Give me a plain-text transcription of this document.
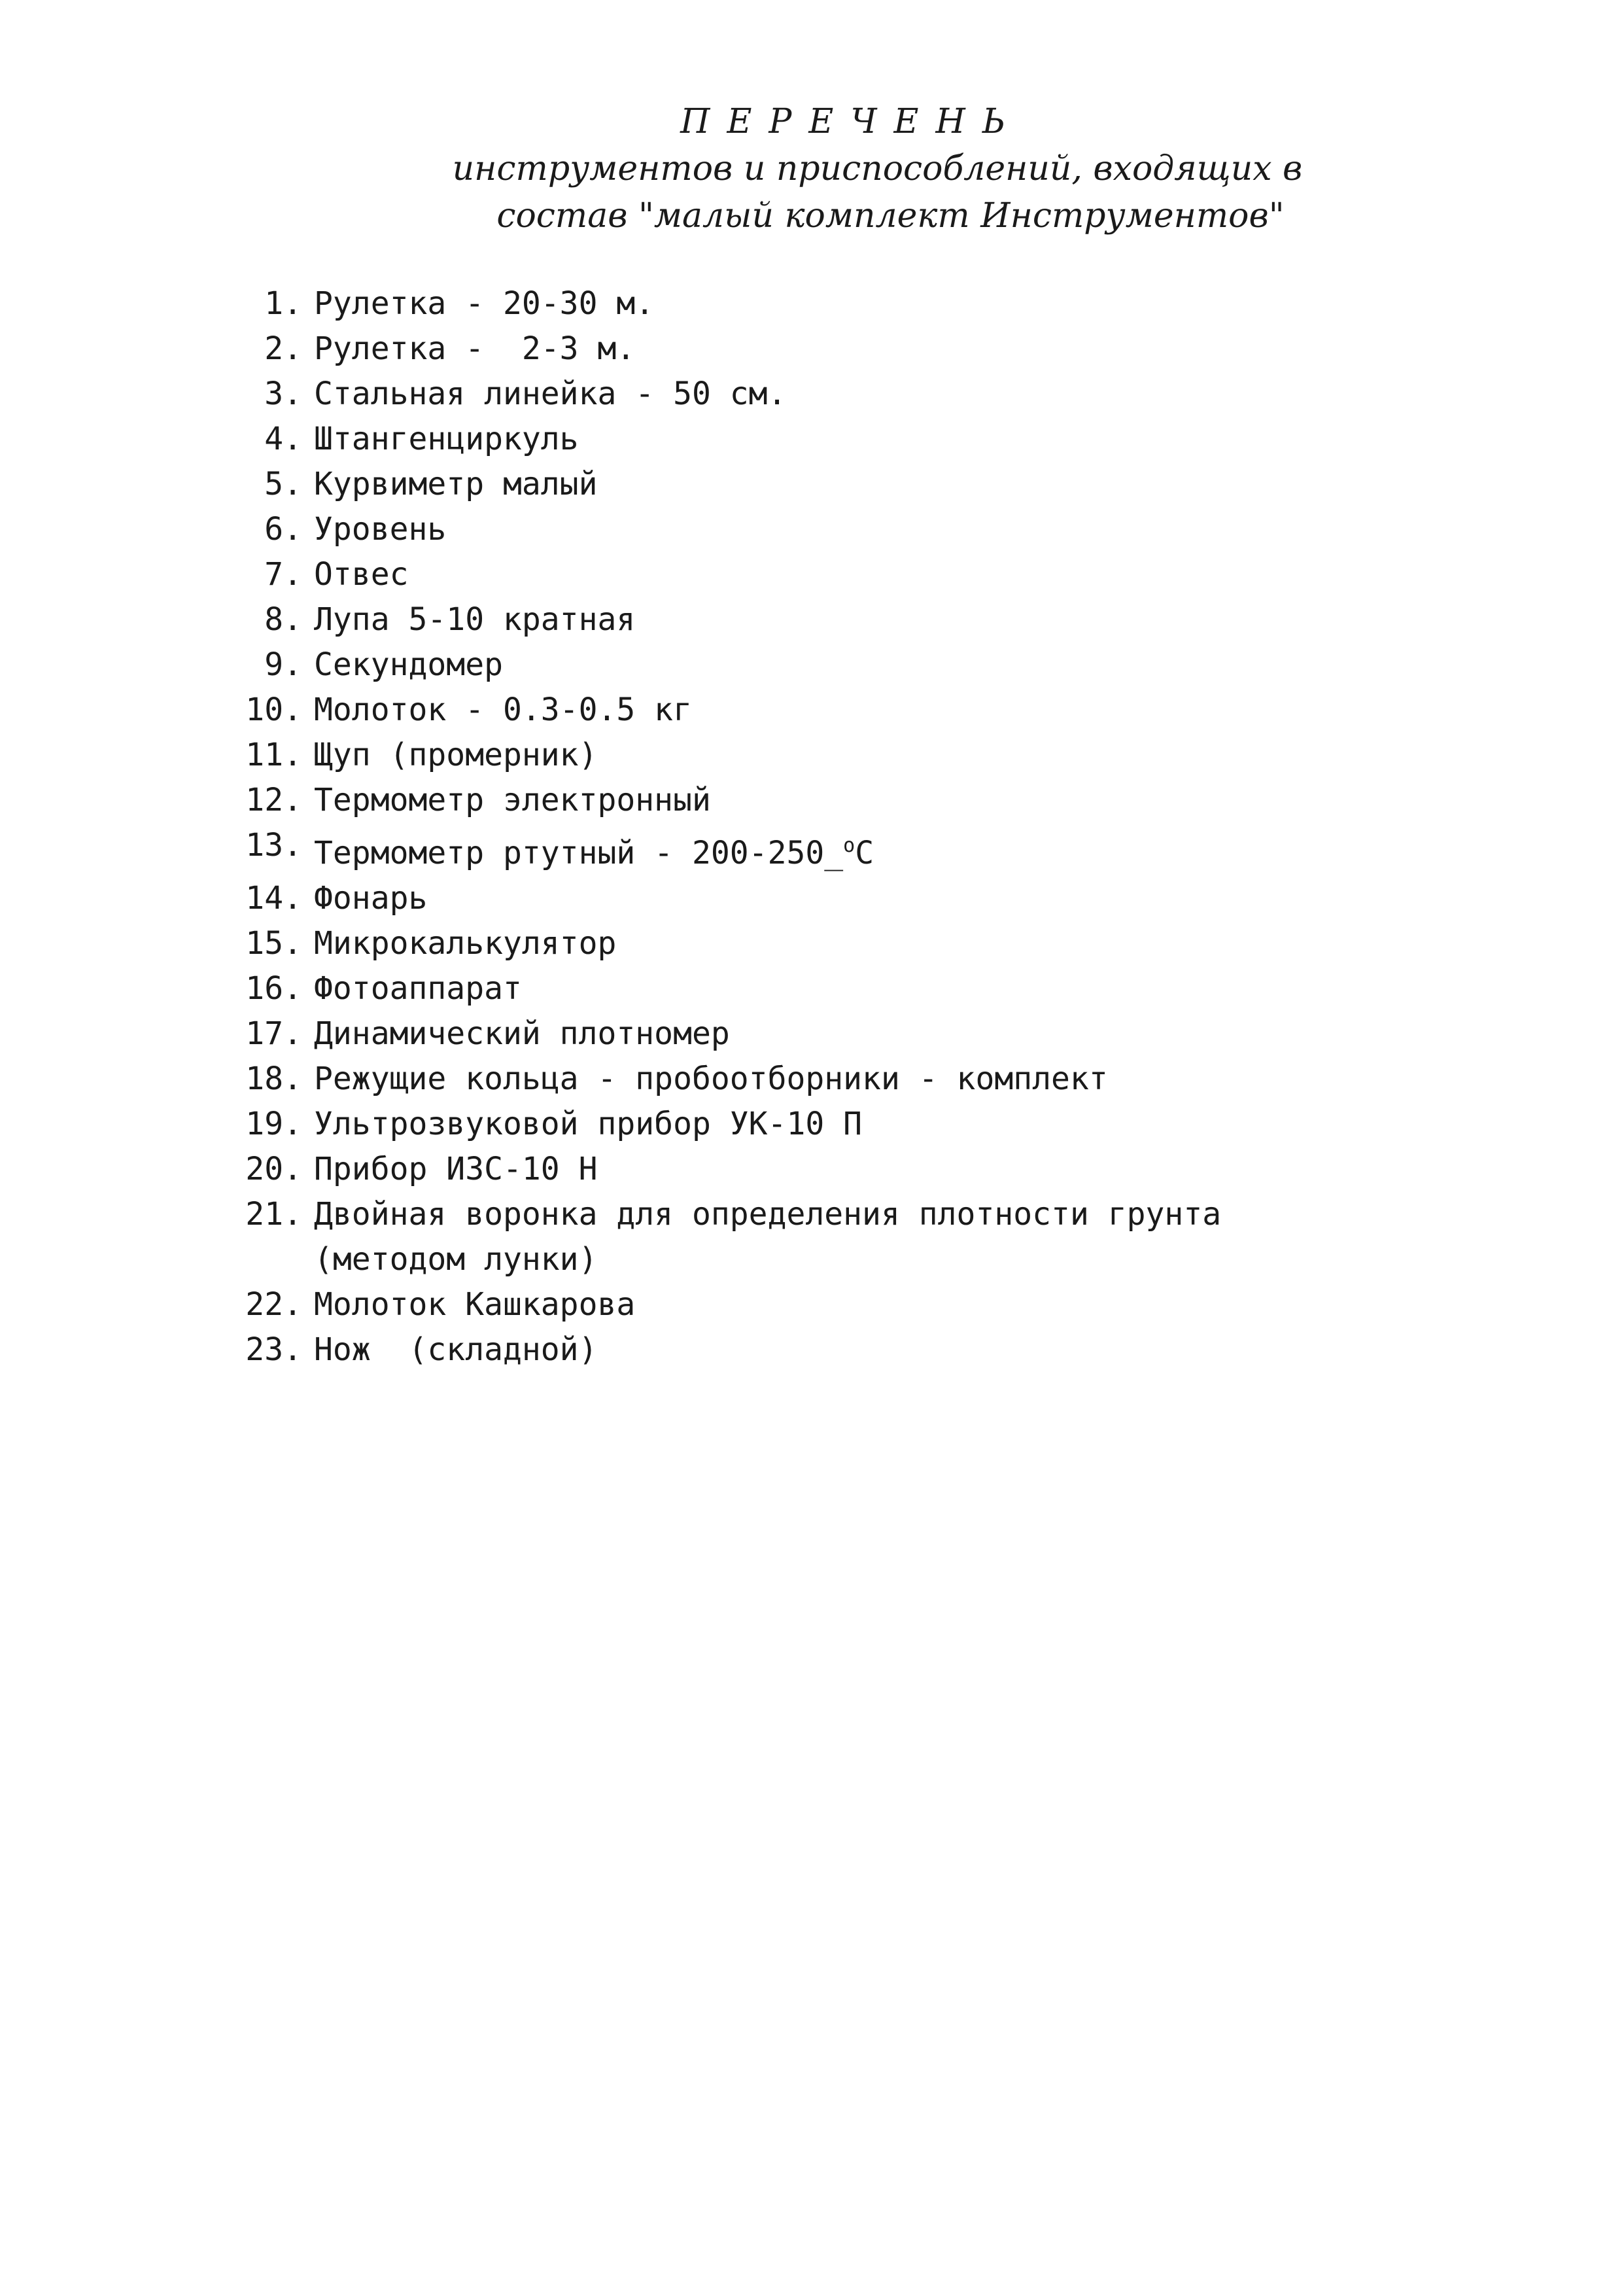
ПЕРЕЧЕНЬ
инструментов и приспособлений, входящих в
состав "малый комплект Инструментов"
1. Рулетка - 20-30 м.
2. Рулетка -  2-3 м.
3. Стальная линейка - 50 см.
4. Штангенциркуль
5. Курвиметр малый
6. Уровень
7. Отвес
8. Лупа 5-10 кратная
9. Секундомер
10. Молоток - 0.3-0.5 кг
11. Щуп (промерник)
12. Термометр электронный
13. Термометр ртутный - 200-250_$^o$C
14. Фонарь
15. Микрокалькулятор
16. Фотоаппарат
17. Динамический плотномер
18. Режущие кольца - пробоотборники - комплект
19. Ультрозвуковой прибор УК-10 П
20. Прибор ИЗС-10 Н
21. Двойная воронка для определения плотности грунта
(методом лунки)
22. Молоток Кашкарова
23. Нож  (складной)
